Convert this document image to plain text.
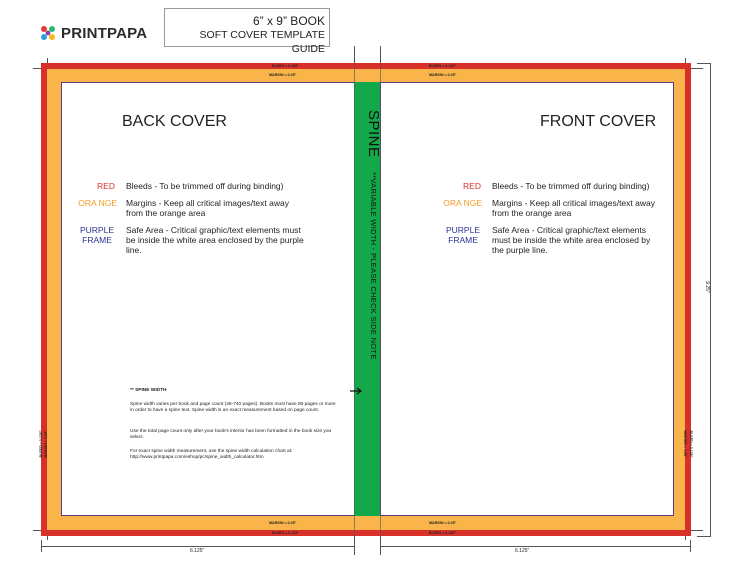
PRINTPAPA
6” x 9” BOOK
SOFT COVER TEMPLATE GUIDE
BLEED = 0.125"
MARGIN = 0.25"
BLEED = 0.125"
MARGIN = 0.25"
MARGIN = 0.25"
BLEED = 0.125"
MARGIN = 0.25"
BLEED = 0.125"
MARGIN = 0.25"
BLEED = 0.125"	MARGIN = 0.25" BLEED = 0.125"
SPINE
**VARIABLE WIDTH - PLEASE CHECK SIDE NOTE
BACK COVER
RED Bleeds - To be trimmed off during binding)
ORA NGE Margins - Keep all critical images/text away from the orange area
PURPLE FRAME
Safe Area - Critical graphic/text elements must be inside the white area enclosed by the purple line.
** SPINE WIDTH
Spine width varies per book and page count (48-740 pages). Books must have 80 pages or more in order to have a spine text. Spine width is an exact measurement based on page count.
Use the total page count only after your book's interior has been formatted in the book size you select.
For exact spine width measurement, use the spine width calculation chart at: http://www.printpapa.com/eshop/pc/spine_width_calculator.htm
FRONT COVER
RED Bleeds - To be trimmed off during binding)
ORA NGE Margins - Keep all critical images/text away from the orange area
PURPLE FRAME
Safe Area - Critical graphic/text elements must be inside the white area enclosed by the purple line.
6.125"	6.125"
9.25"
